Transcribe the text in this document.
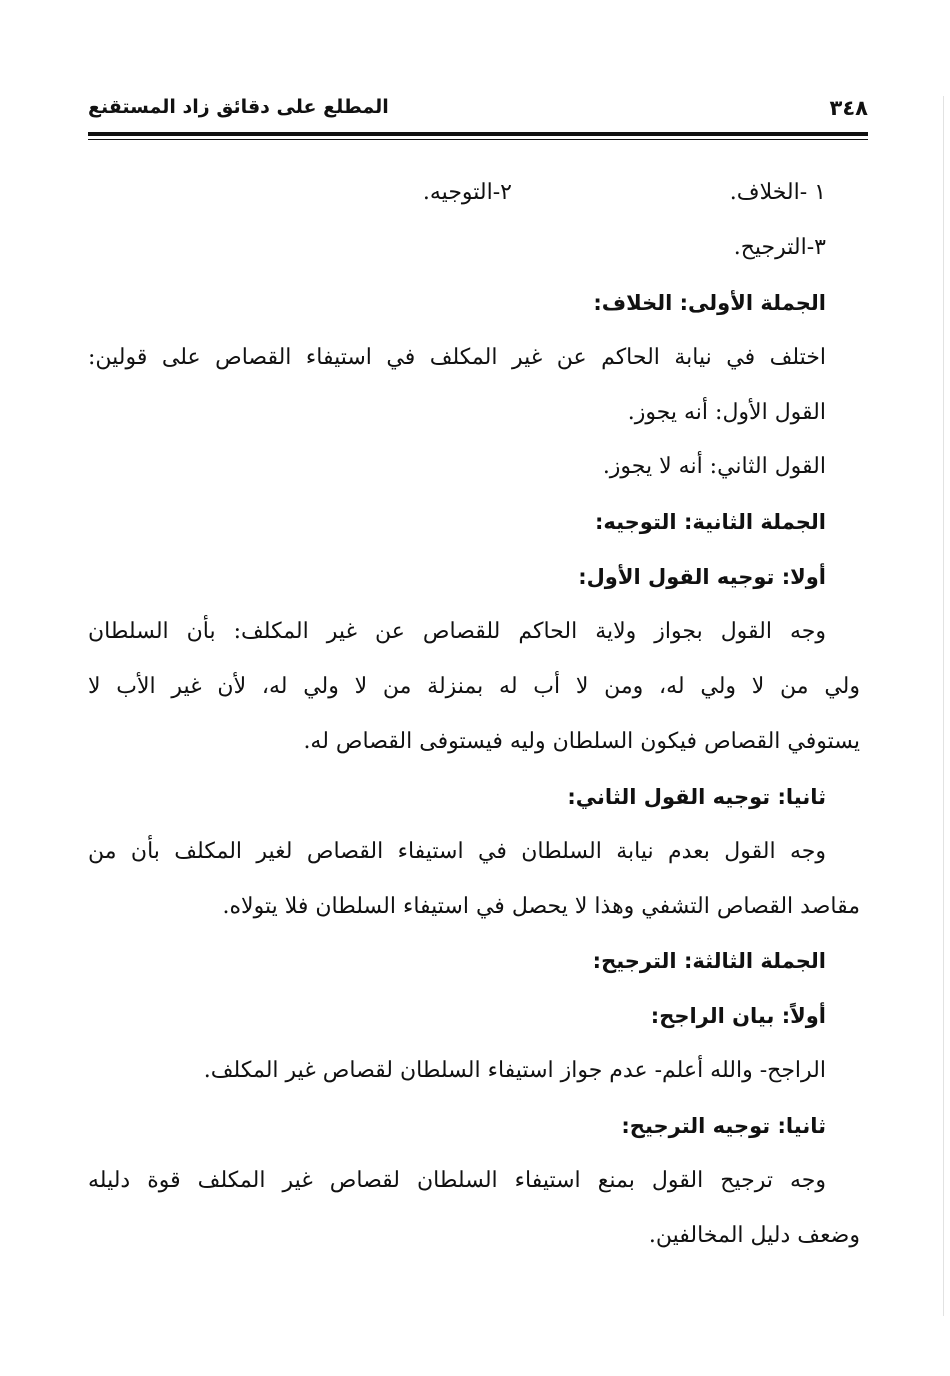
٣٤٨
المطلع على دقائق زاد المستقنع
١ -الخلاف.
٢-التوجيه.
٣-الترجيح.
الجملة الأولى: الخلاف:
اختلف في نيابة الحاكم عن غير المكلف في استيفاء القصاص على قولين:
القول الأول: أنه يجوز.
القول الثاني: أنه لا يجوز.
الجملة الثانية: التوجيه:
أولا: توجيه القول الأول:
وجه القول بجواز ولاية الحاكم للقصاص عن غير المكلف: بأن السلطان
ولي من لا ولي له، ومن لا أب له بمنزلة من لا ولي له، لأن غير الأب لا
يستوفي القصاص فيكون السلطان وليه فيستوفى القصاص له.
ثانيا: توجيه القول الثاني:
وجه القول بعدم نيابة السلطان في استيفاء القصاص لغير المكلف بأن من
مقاصد القصاص التشفي وهذا لا يحصل في استيفاء السلطان فلا يتولاه.
الجملة الثالثة: الترجيح:
أولاً: بيان الراجح:
الراجح- والله أعلم- عدم جواز استيفاء السلطان لقصاص غير المكلف.
ثانيا: توجيه الترجيح:
وجه ترجيح القول بمنع استيفاء السلطان لقصاص غير المكلف قوة دليله
وضعف دليل المخالفين.
